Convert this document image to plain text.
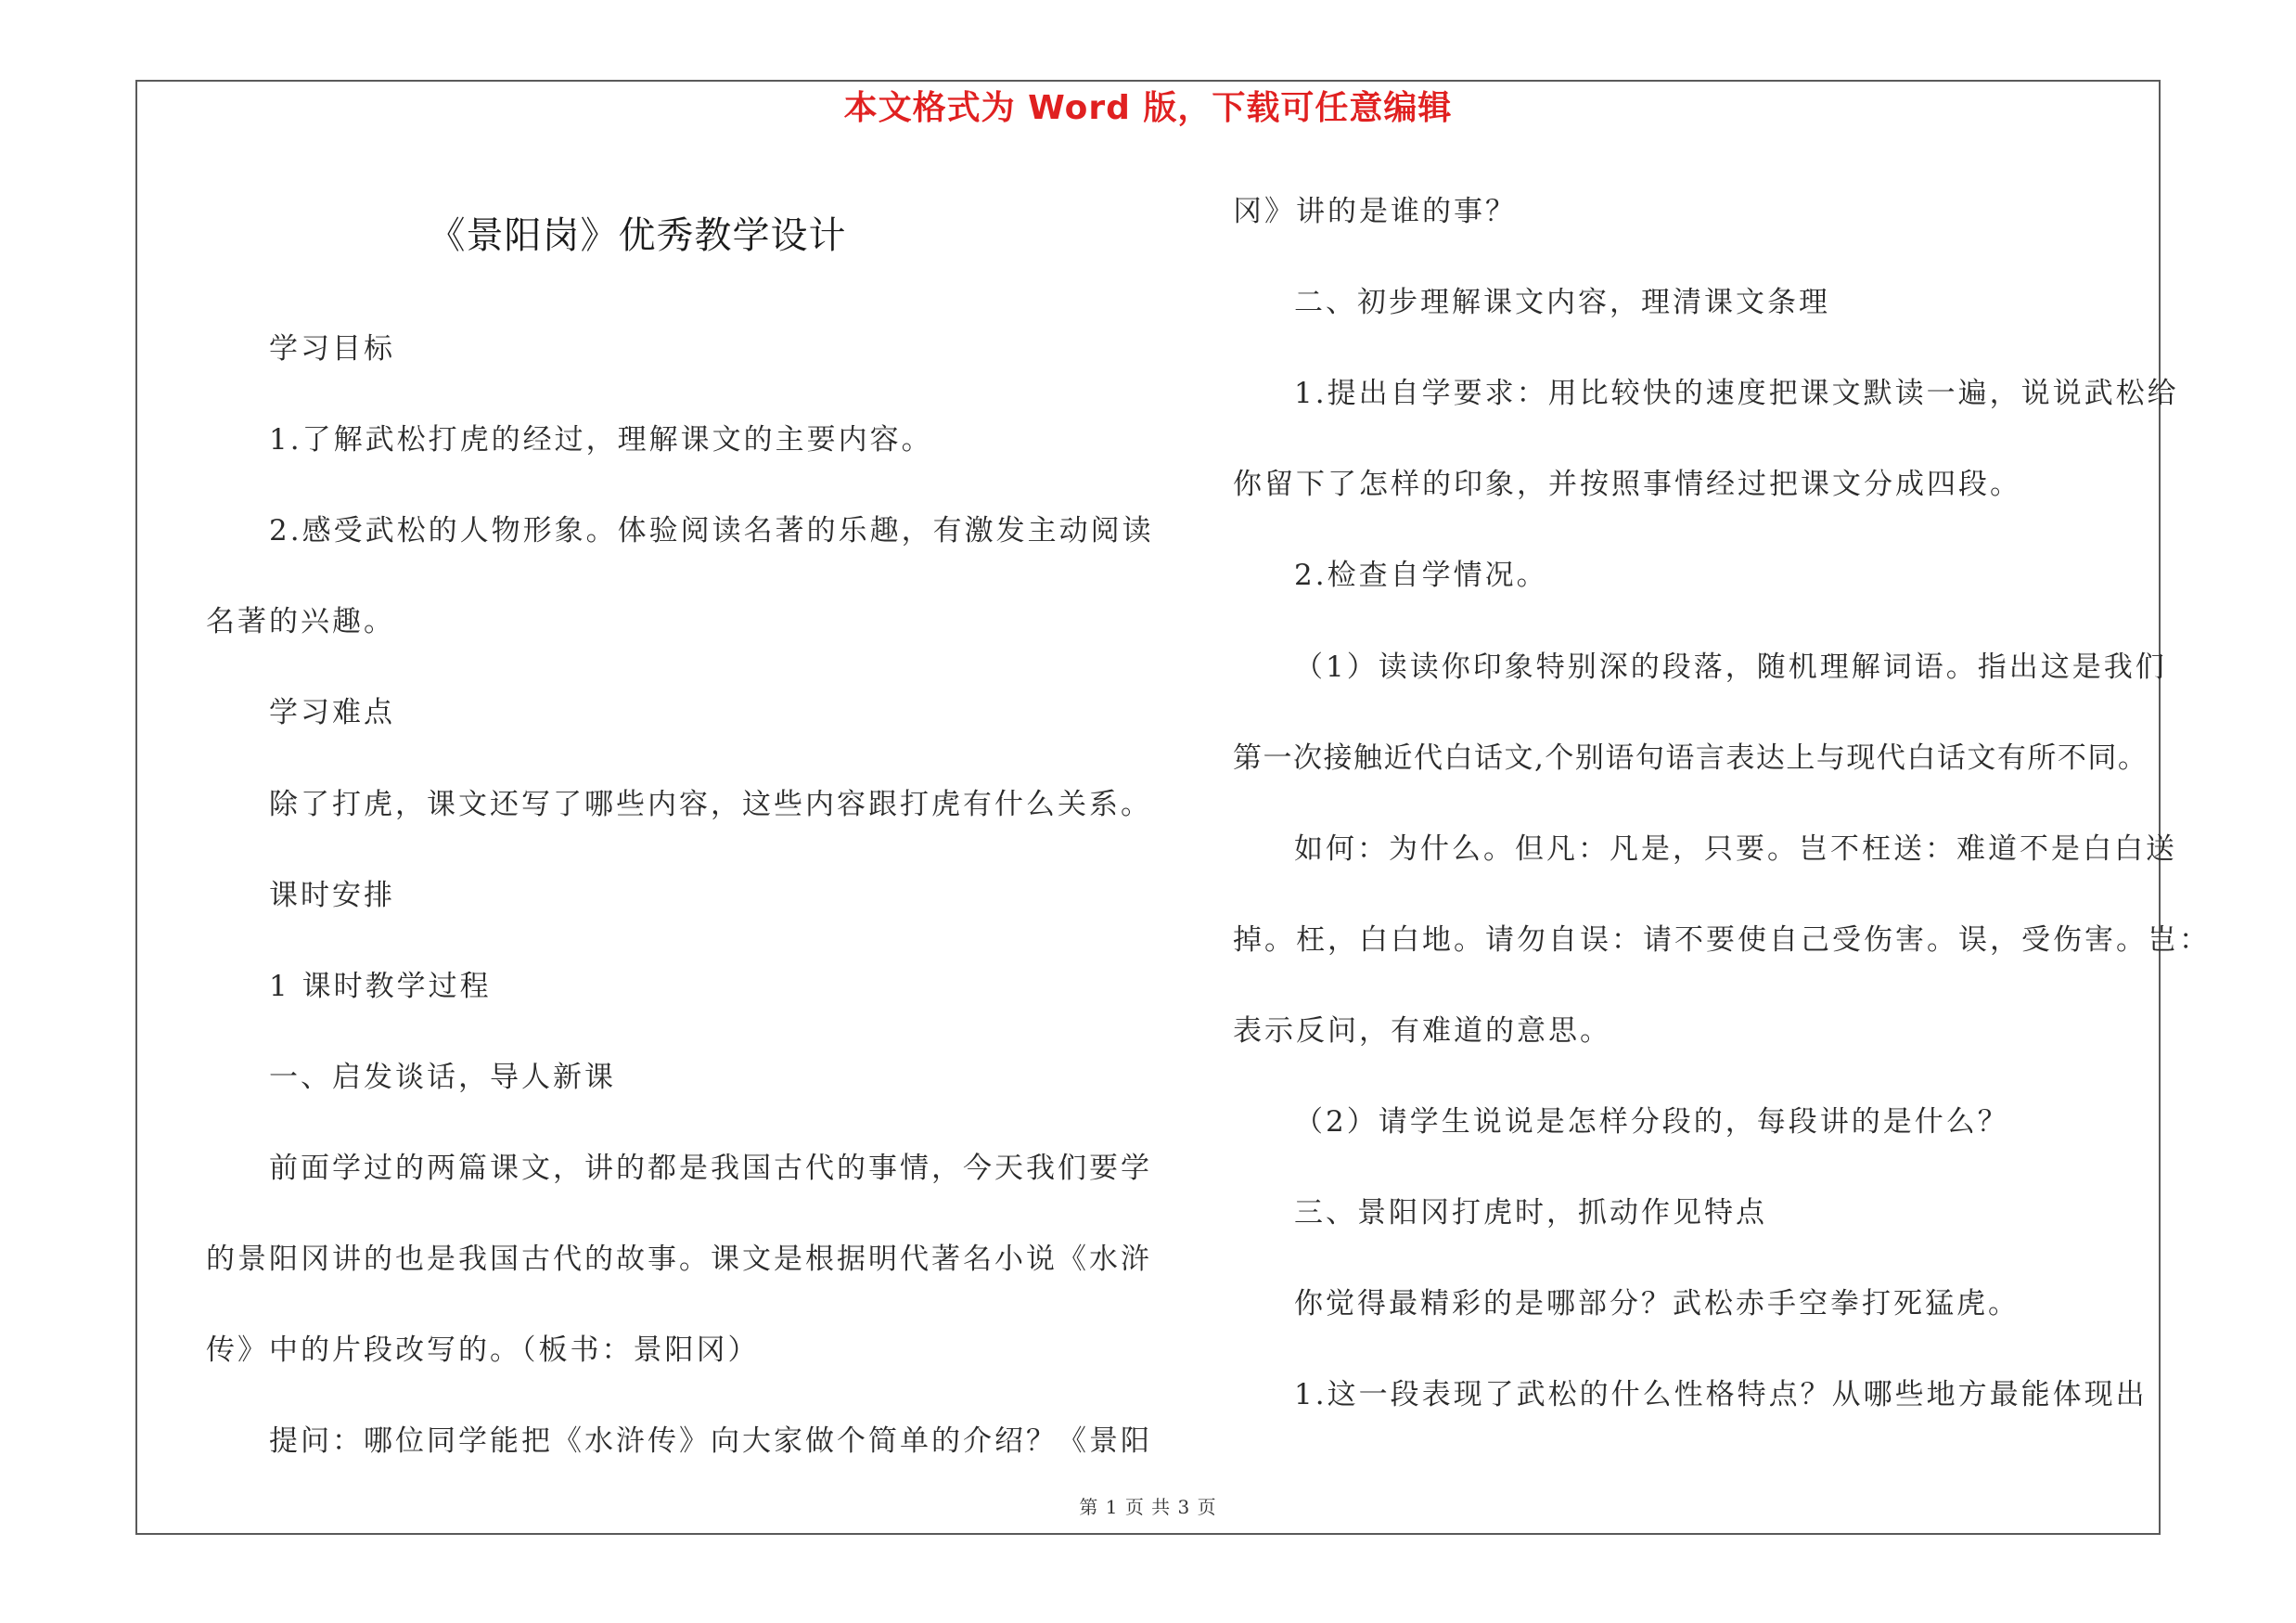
本文格式为 Word 版，下载可任意编辑
《景阳岗》优秀教学设计
学习目标
1.了解武松打虎的经过，理解课文的主要内容。
2.感受武松的人物形象。体验阅读名著的乐趣，有激发主动阅读
名著的兴趣。
学习难点
除了打虎，课文还写了哪些内容，这些内容跟打虎有什么关系。
课时安排
1 课时教学过程
一、启发谈话，导人新课
前面学过的两篇课文，讲的都是我国古代的事情，今天我们要学
的景阳冈讲的也是我国古代的故事。课文是根据明代著名小说《水浒
传》中的片段改写的。（板书：景阳冈）
提问：哪位同学能把《水浒传》向大家做个简单的介绍？《景阳
冈》讲的是谁的事？
二、初步理解课文内容，理清课文条理
1.提出自学要求：用比较快的速度把课文默读一遍，说说武松给
你留下了怎样的印象，并按照事情经过把课文分成四段。
2.检查自学情况。
（1）读读你印象特别深的段落，随机理解词语。指出这是我们
第一次接触近代白话文,个别语句语言表达上与现代白话文有所不同。
如何：为什么。但凡：凡是，只要。岂不枉送：难道不是白白送
掉。枉，白白地。请勿自误：请不要使自己受伤害。误，受伤害。岂：
表示反问，有难道的意思。
（2）请学生说说是怎样分段的，每段讲的是什么？
三、景阳冈打虎时，抓动作见特点
你觉得最精彩的是哪部分？武松赤手空拳打死猛虎。
1.这一段表现了武松的什么性格特点？从哪些地方最能体现出
第 1 页 共 3 页
